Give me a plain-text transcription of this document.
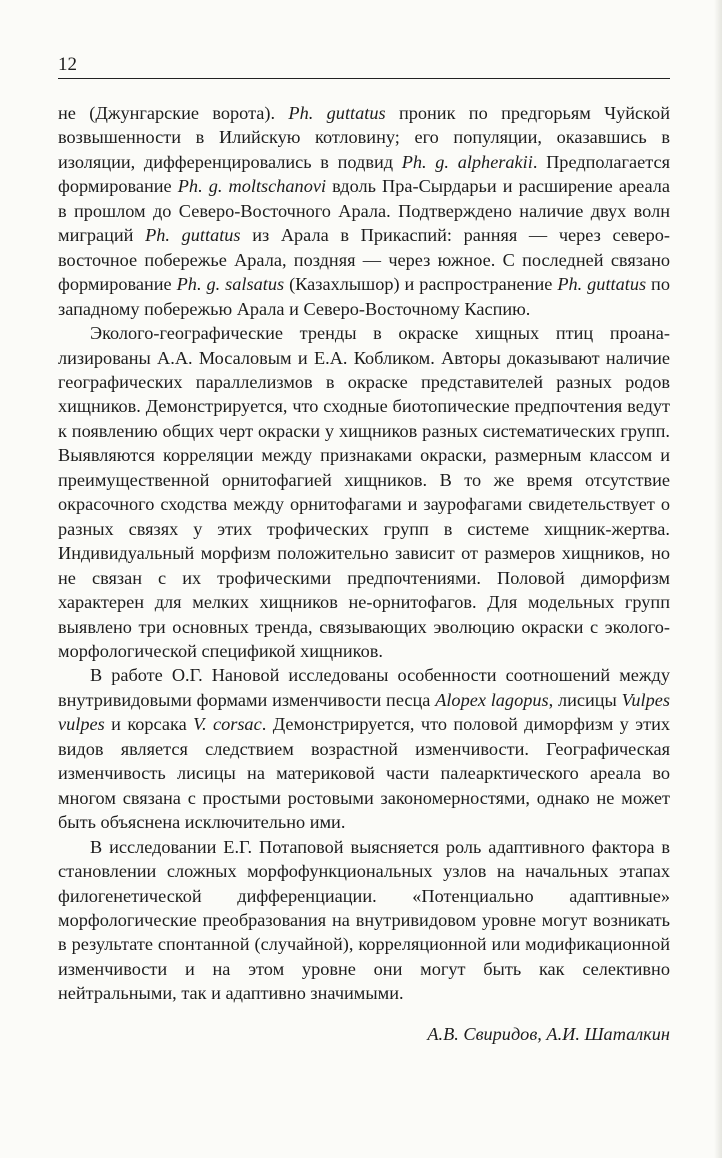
12

не (Джунгарские ворота). Ph. guttatus проник по предгорьям Чуйской возвышенности в Илийскую котловину; его популяции, оказавшись в изоляции, дифференцировались в подвид Ph. g. alpherakii. Предполагается формирование Ph. g. moltschanovi вдоль Пра-Сырдарьи и расширение ареала в прошлом до Северо-Восточного Арала. Подтверждено наличие двух волн миграций Ph. guttatus из Арала в Прикаспий: ранняя — через северо-восточное побережье Арала, поздняя — через южное. С последней связано формирование Ph. g. salsatus (Казахлышор) и распространение Ph. guttatus по западному побережью Арала и Северо-Восточному Каспию.

Эколого-географические тренды в окраске хищных птиц проанализированы А.А. Мосаловым и Е.А. Кобликом. Авторы доказывают наличие географических параллелизмов в окраске представителей разных родов хищников. Демонстрируется, что сходные биотопические предпочтения ведут к появлению общих черт окраски у хищников разных систематических групп. Выявляются корреляции между признаками окраски, размерным классом и преимущественной орнитофагией хищников. В то же время отсутствие окрасочного сходства между орнитофагами и заурофагами свидетельствует о разных связях у этих трофических групп в системе хищник-жертва. Индивидуальный морфизм положительно зависит от размеров хищников, но не связан с их трофическими предпочтениями. Половой диморфизм характерен для мелких хищников не-орнитофагов. Для модельных групп выявлено три основных тренда, связывающих эволюцию окраски с эколого-морфологической спецификой хищников.

В работе О.Г. Нановой исследованы особенности соотношений между внутривидовыми формами изменчивости песца Alopex lagopus, лисицы Vulpes vulpes и корсака V. corsac. Демонстрируется, что половой диморфизм у этих видов является следствием возрастной изменчивости. Географическая изменчивость лисицы на материковой части палеарктического ареала во многом связана с простыми ростовыми закономерностями, однако не может быть объяснена исключительно ими.

В исследовании Е.Г. Потаповой выясняется роль адаптивного фактора в становлении сложных морфофункциональных узлов на начальных этапах филогенетической дифференциации. «Потенциально адаптивные» морфологические преобразования на внутривидовом уровне могут возникать в результате спонтанной (случайной), корреляционной или модификационной изменчивости и на этом уровне они могут быть как селективно нейтральными, так и адаптивно значимыми.

А.В. Свиридов, А.И. Шаталкин
